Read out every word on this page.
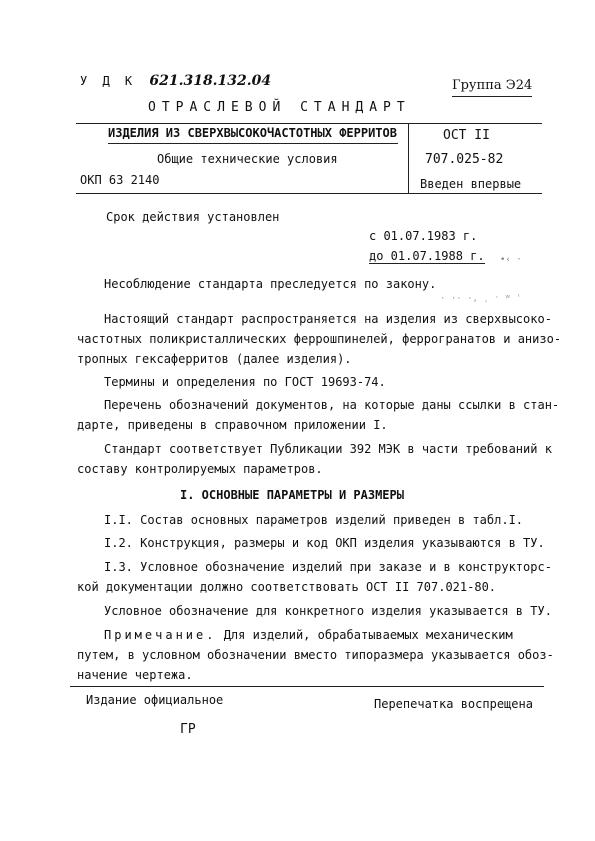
У Д К 621.318.132.04	Группа Э24
ОТРАСЛЕВОЙ СТАНДАРТ
ИЗДЕЛИЯ ИЗ СВЕРХВЫСОКОЧАСТОТНЫХ ФЕРРИТОВ
Общие технические условия
ОКП 63 2140
ОСТ II
707.025-82
Введен впервые
Срок действия установлен
с 01.07.1983 г.
до 01.07.1988 г.
Несоблюдение стандарта преследуется по закону.
•‹ ·
· ·· ·‚ ˌ ˑ ʷ ʿ
Настоящий стандарт распространяется на изделия из сверхвысоко-
частотных поликристаллических феррошпинелей, феррогранатов и анизо-
тропных гексаферритов (далее изделия).
Термины и определения по ГОСТ 19693-74.
Перечень обозначений документов, на которые даны ссылки в стан-
дарте, приведены в справочном приложении I.
Стандарт соответствует Публикации 392 МЭК в части требований к
составу контролируемых параметров.
I. ОСНОВНЫЕ ПАРАМЕТРЫ И РАЗМЕРЫ
I.I. Состав основных параметров изделий приведен в табл.I.
I.2. Конструкция, размеры и код ОКП изделия указываются в ТУ.
I.3. Условное обозначение изделий при заказе и в конструкторс-
кой документации должно соответствовать ОСТ II 707.021-80.
Условное обозначение для конкретного изделия указывается в ТУ.
Примечание. Для изделий, обрабатываемых механическим
путем, в условном обозначении вместо типоразмера указывается обоз-
начение чертежа.
Издание официальное	Перепечатка воспрещена
ГР
